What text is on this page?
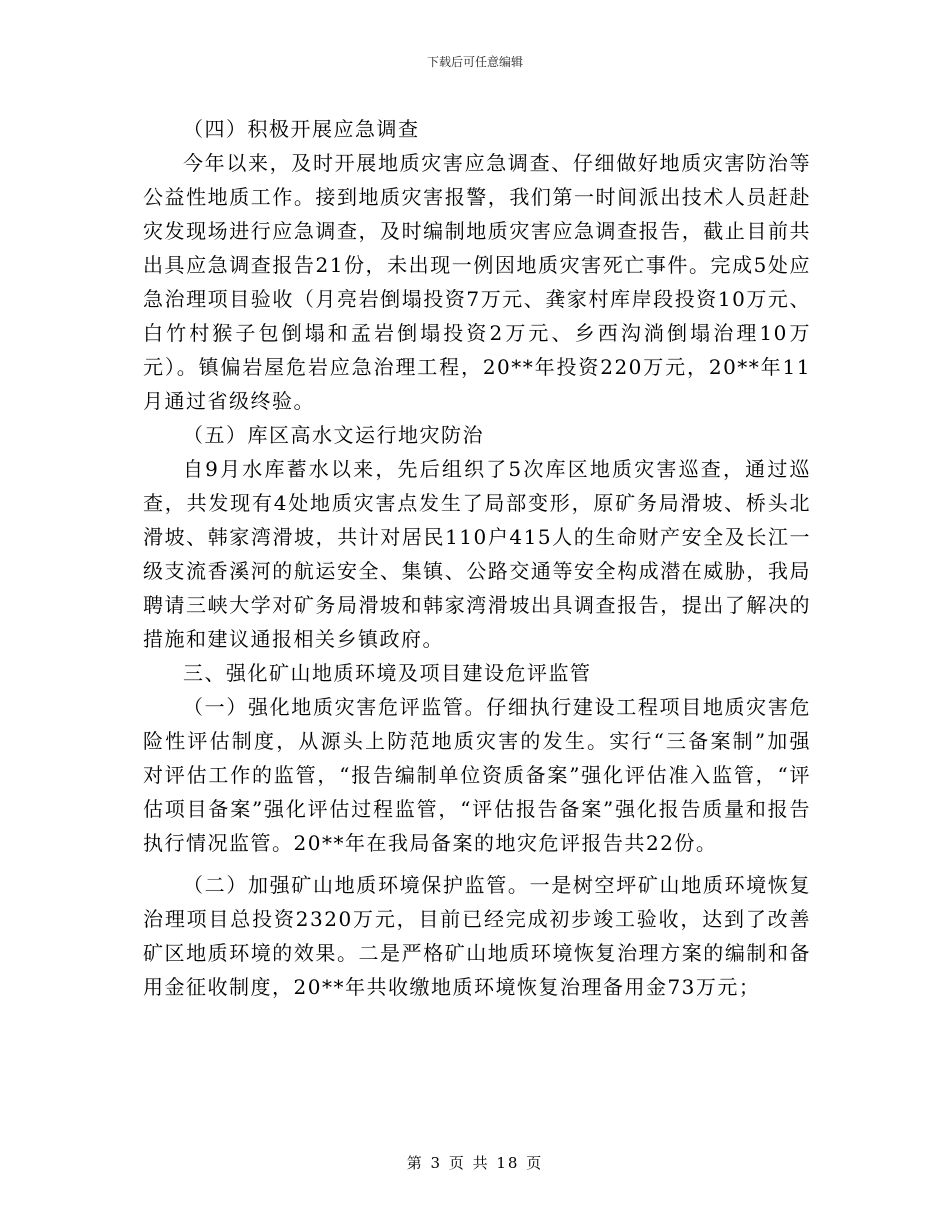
下载后可任意编辑

（四）积极开展应急调查

今年以来，及时开展地质灾害应急调查、仔细做好地质灾害防治等公益性地质工作。接到地质灾害报警，我们第一时间派出技术人员赶赴灾发现场进行应急调查，及时编制地质灾害应急调查报告，截止目前共出具应急调查报告21份，未出现一例因地质灾害死亡事件。完成5处应急治理项目验收（月亮岩倒塌投资7万元、龚家村库岸段投资10万元、白竹村猴子包倒塌和孟岩倒塌投资2万元、乡西沟淌倒塌治理10万元）。镇偏岩屋危岩应急治理工程，20**年投资220万元，20**年11月通过省级终验。

（五）库区高水文运行地灾防治

自9月水库蓄水以来，先后组织了5次库区地质灾害巡查，通过巡查，共发现有4处地质灾害点发生了局部变形，原矿务局滑坡、桥头北滑坡、韩家湾滑坡，共计对居民110户415人的生命财产安全及长江一级支流香溪河的航运安全、集镇、公路交通等安全构成潜在威胁，我局聘请三峡大学对矿务局滑坡和韩家湾滑坡出具调查报告，提出了解决的措施和建议通报相关乡镇政府。

三、强化矿山地质环境及项目建设危评监管

（一）强化地质灾害危评监管。仔细执行建设工程项目地质灾害危险性评估制度，从源头上防范地质灾害的发生。实行“三备案制”加强对评估工作的监管，“报告编制单位资质备案”强化评估准入监管，“评估项目备案”强化评估过程监管，“评估报告备案”强化报告质量和报告执行情况监管。20**年在我局备案的地灾危评报告共22份。

（二）加强矿山地质环境保护监管。一是树空坪矿山地质环境恢复治理项目总投资2320万元，目前已经完成初步竣工验收，达到了改善矿区地质环境的效果。二是严格矿山地质环境恢复治理方案的编制和备用金征收制度，20**年共收缴地质环境恢复治理备用金73万元；

第 3 页 共 18 页
